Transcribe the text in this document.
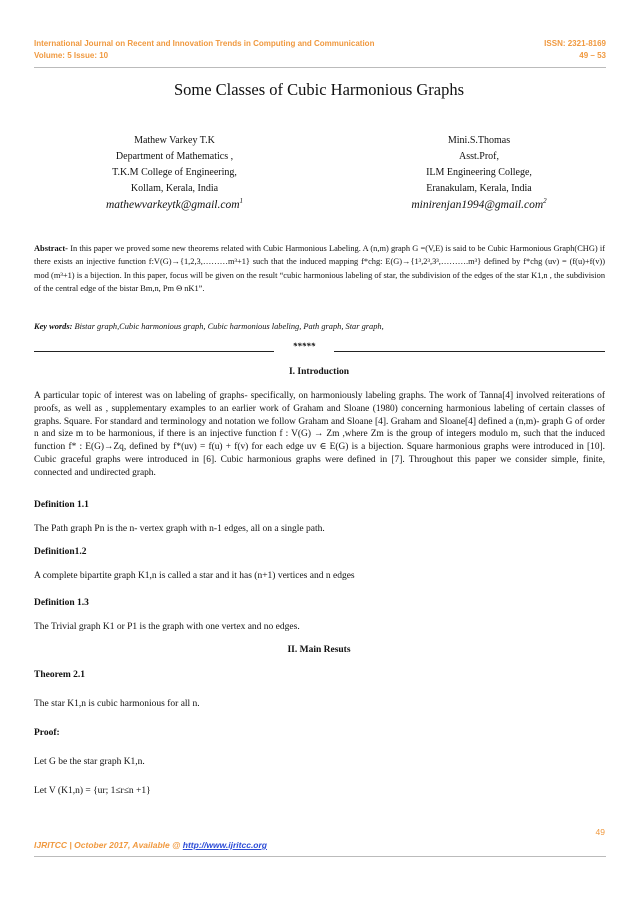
International Journal on Recent and Innovation Trends in Computing and Communication
Volume: 5 Issue: 10
ISSN: 2321-8169
49 – 53
Some Classes of Cubic Harmonious Graphs
Mathew Varkey T.K
Department of Mathematics ,
T.K.M College of Engineering,
Kollam, Kerala, India
mathewvarkeytk@gmail.com$^1$
Mini.S.Thomas
Asst.Prof,
ILM Engineering College,
Eranakulam, Kerala, India
minirenjan1994@gmail.com$^2$
Abstract- In this paper we proved some new theorems related with Cubic Harmonious Labeling. A (n,m) graph G =(V,E) is said to be Cubic Harmonious Graph(CHG) if there exists an injective function f:V(G)→{1,2,3,………m³+1} such that the induced mapping f*chg: E(G)→{1³,2³,3³,……….m³} defined by f*chg (uv) = (f(u)+f(v)) mod (m³+1) is a bijection. In this paper, focus will be given on the result “cubic harmonious labeling of star, the subdivision of the edges of the star K1,n , the subdivision of the central edge of the bistar Bm,n, Pm Θ nK1”.
Key words: Bistar graph,Cubic harmonious graph, Cubic harmonious labeling, Path graph, Star graph,
*****
I. Introduction
A particular topic of interest was on labeling of graphs- specifically, on harmoniously labeling graphs. The work of Tanna[4] involved reiterations of proofs, as well as , supplementary examples to an earlier work of Graham and Sloane (1980) concerning harmonious labeling of certain classes of graphs. Square. For standard and terminology and notation we follow Graham and Sloane [4]. Graham and Sloane[4] defined a (n,m)- graph G of order n and size m to be harmonious, if there is an injective function f : V(G) → Zm ,where Zm is the group of integers modulo m, such that the induced function f* : E(G)→Zq, defined by f*(uv) = f(u) + f(v) for each edge uv ∈ E(G) is a bijection. Square harmonious graphs were introduced in [10]. Cubic graceful graphs were introduced in [6]. Cubic harmonious graphs were defined in [7]. Throughout this paper we consider simple, finite, connected and undirected graph.
Definition 1.1
The Path graph Pn is the n- vertex graph with n-1 edges, all on a single path.
Definition1.2
A complete bipartite graph K1,n is called a star and it has (n+1) vertices and n edges
Definition 1.3
The Trivial graph K1 or P1 is the graph with one vertex and no edges.
II. Main Resuts
Theorem 2.1
The star K1,n is cubic harmonious for all n.
Proof:
Let G be the star graph K1,n.
Let V (K1,n) = {ur; 1≤r≤n +1}
49
IJRITCC | October 2017, Available @ http://www.ijritcc.org
